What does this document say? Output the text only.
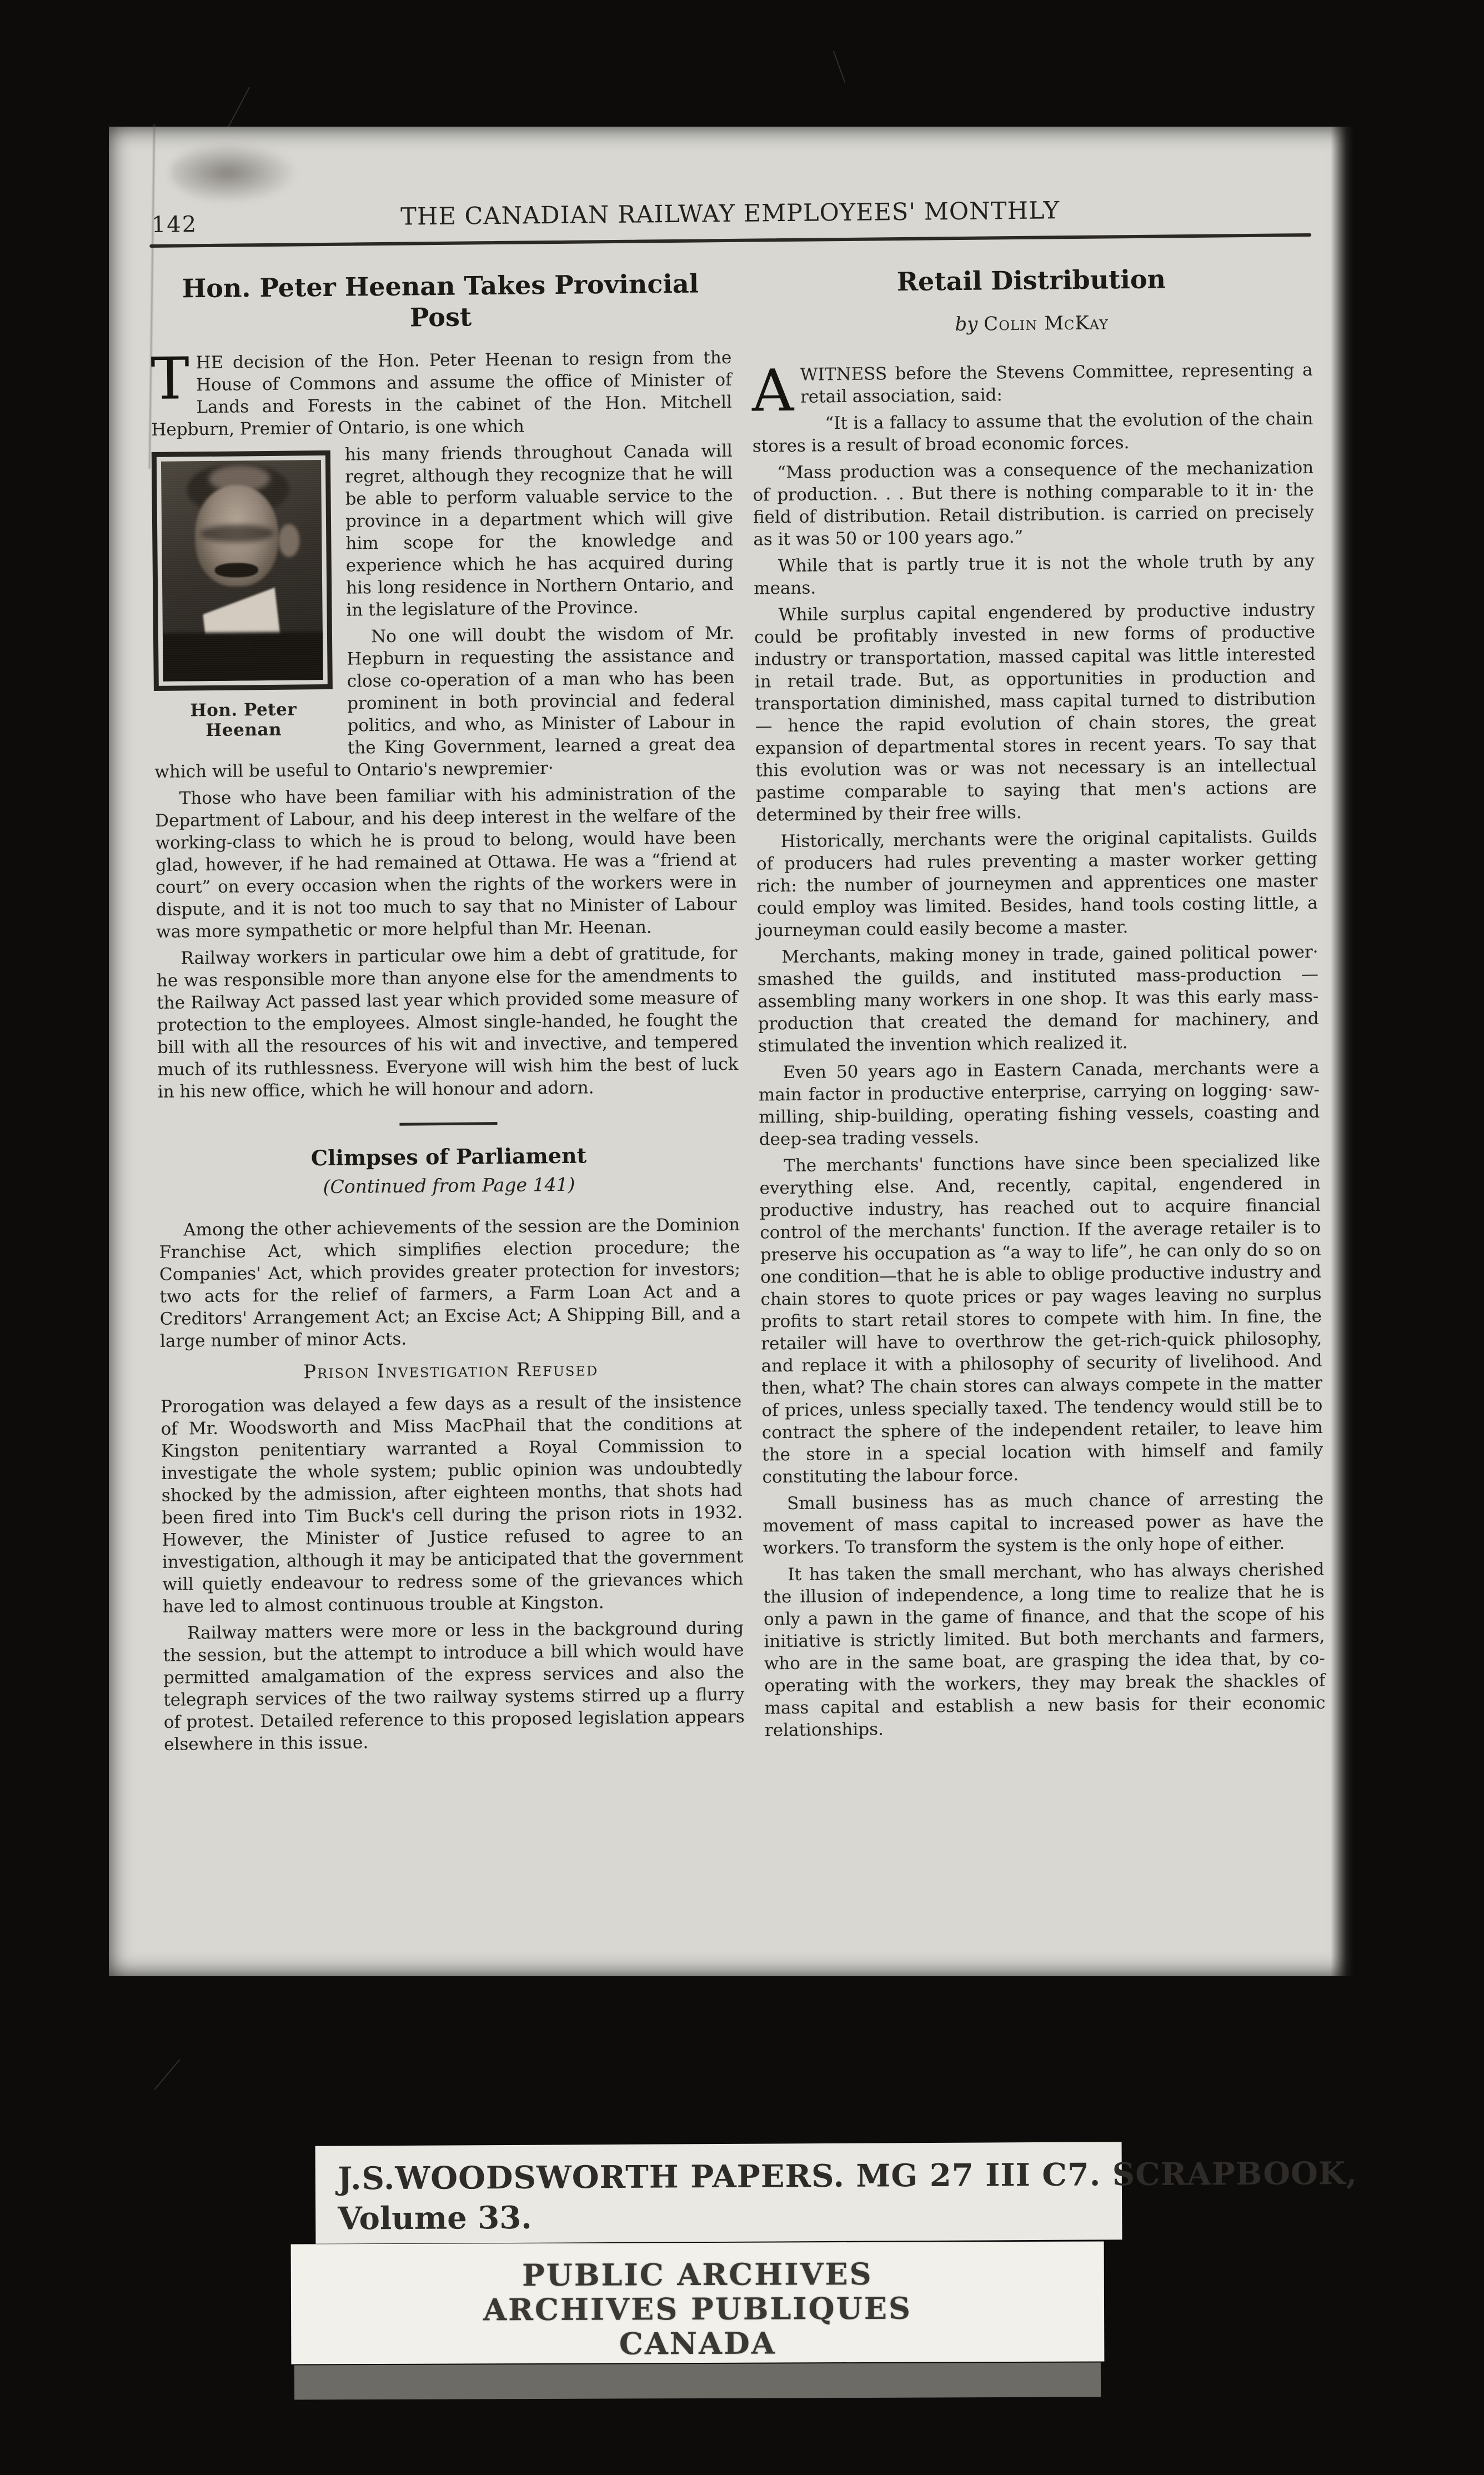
142	THE CANADIAN RAILWAY EMPLOYEES' MONTHLY
Hon. Peter Heenan Takes Provincial Post

THE decision of the Hon. Peter Heenan to resign from the House of Commons and assume the office of Minister of Lands and Forests in the cabinet of the Hon. Mitchell Hepburn, Premier of Ontario, is one which

Hon. Peter Heenan

his many friends throughout Canada will regret, although they recognize that he will be able to perform valuable service to the province in a department which will give him scope for the knowledge and experience which he has acquired during his long residence in Northern Ontario, and in the legislature of the Province.

No one will doubt the wisdom of Mr. Hepburn in requesting the assistance and close co-operation of a man who has been prominent in both provincial and federal politics, and who, as Minister of Labour in the King Government, learned a great dea which will be useful to Ontario's newpremier·

Those who have been familiar with his administration of the Department of Labour, and his deep interest in the welfare of the working-class to which he is proud to belong, would have been glad, however, if he had remained at Ottawa. He was a “friend at court” on every occasion when the rights of the workers were in dispute, and it is not too much to say that no Minister of Labour was more sympathetic or more helpful than Mr. Heenan.

Railway workers in particular owe him a debt of gratitude, for he was responsible more than anyone else for the amendments to the Railway Act passed last year which provided some measure of protection to the employees. Almost single-handed, he fought the bill with all the resources of his wit and invective, and tempered much of its ruthlessness. Everyone will wish him the best of luck in his new office, which he will honour and adorn.

Climpses of Parliament
(Continued from Page 141)

Among the other achievements of the session are the Dominion Franchise Act, which simplifies election procedure; the Companies' Act, which provides greater protection for investors; two acts for the relief of farmers, a Farm Loan Act and a Creditors' Arrangement Act; an Excise Act; A Shipping Bill, and a large number of minor Acts.

Prison Investigation Refused

Prorogation was delayed a few days as a result of the insistence of Mr. Woodsworth and Miss MacPhail that the conditions at Kingston penitentiary warranted a Royal Commission to investigate the whole system; public opinion was undoubtedly shocked by the admission, after eighteen months, that shots had been fired into Tim Buck's cell during the prison riots in 1932. However, the Minister of Justice refused to agree to an investigation, although it may be anticipated that the government will quietly endeavour to redress some of the grievances which have led to almost continuous trouble at Kingston.

Railway matters were more or less in the background during the session, but the attempt to introduce a bill which would have permitted amalgamation of the express services and also the telegraph services of the two railway systems stirred up a flurry of protest. Detailed reference to this proposed legislation appears elsewhere in this issue.

Retail Distribution
by Colin McKay

AWITNESS before the Stevens Committee, representing a retail association, said:

“It is a fallacy to assume that the evolution of the chain stores is a result of broad economic forces.

“Mass production was a consequence of the mechanization of production. . . But there is nothing comparable to it in· the field of distribution. Retail distribution. is carried on precisely as it was 50 or 100 years ago.”

While that is partly true it is not the whole truth by any means.

While surplus capital engendered by productive industry could be profitably invested in new forms of productive industry or transportation, massed capital was little interested in retail trade. But, as opportunities in production and transportation diminished, mass capital turned to distribution — hence the rapid evolution of chain stores, the great expansion of departmental stores in recent years. To say that this evolution was or was not necessary is an intellectual pastime comparable to saying that men's actions are determined by their free wills.

Historically, merchants were the original capitalists. Guilds of producers had rules preventing a master worker getting rich: the number of journeymen and apprentices one master could employ was limited. Besides, hand tools costing little, a journeyman could easily become a master.

Merchants, making money in trade, gained political power· smashed the guilds, and instituted mass-production — assembling many workers in one shop. It was this early mass-production that created the demand for machinery, and stimulated the invention which realized it.

Even 50 years ago in Eastern Canada, merchants were a main factor in productive enterprise, carrying on logging· saw-milling, ship-building, operating fishing vessels, coasting and deep-sea trading vessels.

The merchants' functions have since been specialized like everything else. And, recently, capital, engendered in productive industry, has reached out to acquire financial control of the merchants' function. If the average retailer is to preserve his occupation as “a way to life”, he can only do so on one condition—that he is able to oblige productive industry and chain stores to quote prices or pay wages leaving no surplus profits to start retail stores to compete with him. In fine, the retailer will have to overthrow the get-rich-quick philosophy, and replace it with a philosophy of security of livelihood. And then, what? The chain stores can always compete in the matter of prices, unless specially taxed. The tendency would still be to contract the sphere of the independent retailer, to leave him the store in a special location with himself and family constituting the labour force.

Small business has as much chance of arresting the movement of mass capital to increased power as have the workers. To transform the system is the only hope of either.

It has taken the small merchant, who has always cherished the illusion of independence, a long time to realize that he is only a pawn in the game of finance, and that the scope of his initiative is strictly limited. But both merchants and farmers, who are in the same boat, are grasping the idea that, by co-operating with the workers, they may break the shackles of mass capital and establish a new basis for their economic relationships.

J.S.WOODSWORTH PAPERS. MG 27 III C7. SCRAPBOOK,
Volume 33.
PUBLIC ARCHIVES
ARCHIVES PUBLIQUES
CANADA
